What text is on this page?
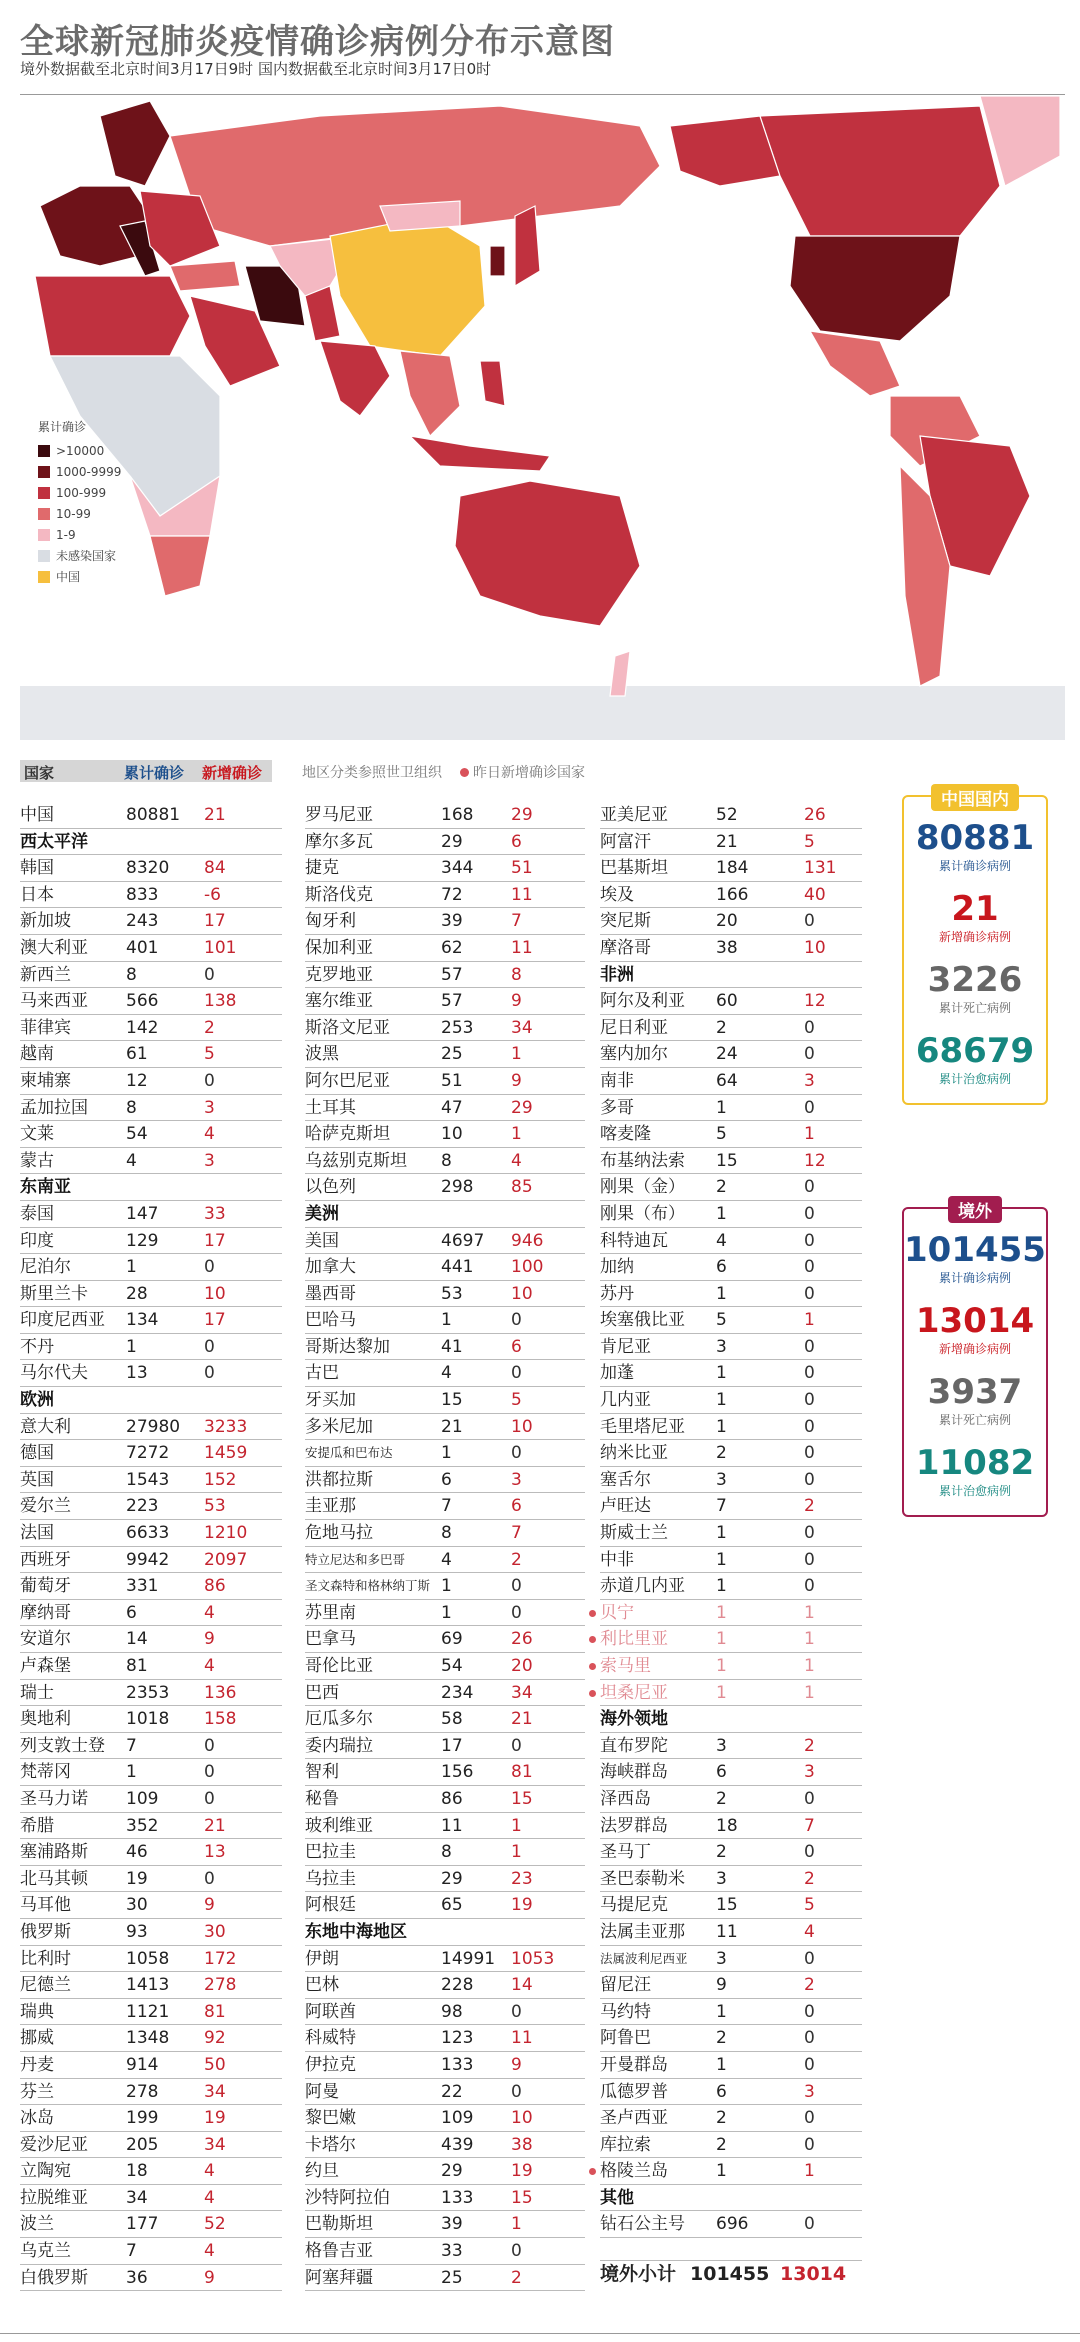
全球新冠肺炎疫情确诊病例分布示意图
境外数据截至北京时间3月17日9时 国内数据截至北京时间3月17日0时
累计确诊
>10000
1000-9999
100-999
10-99
1-9
未感染国家
中国
国家	累计确诊 新增确诊	地区分类参照世卫组织 昨日新增确诊国家
中国	80881 21
西太平洋
韩国	8320 84
日本	833	-6
新加坡	243	17
澳大利亚 401	101
新西兰	8	0
马来西亚 566	138
菲律宾	142	2
越南	61	5
柬埔寨	12	0
孟加拉国 8	3
文莱	54	4
蒙古	4	3
东南亚
泰国	147	33
印度	129	17
尼泊尔	1	0
斯里兰卡 28	10
印度尼西亚 134	17
不丹	1	0
马尔代夫 13	0
欧洲
意大利	27980 3233
德国	7272 1459
英国	1543 152
爱尔兰	223	53
法国	6633 1210
西班牙	9942 2097
葡萄牙	331	86
摩纳哥	6	4
安道尔	14	9
卢森堡	81	4
瑞士	2353 136
奥地利	1018 158
列支敦士登 7	0
梵蒂冈	1	0
圣马力诺 109	0
希腊	352	21
塞浦路斯 46	13
北马其顿 19	0
马耳他	30	9
俄罗斯	93	30
比利时	1058 172
尼德兰	1413 278
瑞典	1121 81
挪威	1348 92
丹麦	914	50
芬兰	278	34
冰岛	199	19
爱沙尼亚 205	34
立陶宛	18	4
拉脱维亚 34	4
波兰	177	52
乌克兰	7	4
白俄罗斯 36	9
罗马尼亚	168 29
摩尔多瓦	29	6
捷克	344 51
斯洛伐克	72	11
匈牙利	39	7
保加利亚	62	11
克罗地亚	57	8
塞尔维亚	57	9
斯洛文尼亚	253 34
波黑	25	1
阿尔巴尼亚	51	9
土耳其	47	29
哈萨克斯坦	10	1
乌兹别克斯坦 8	4
以色列	298 85
美洲
美国	4697 946
加拿大	441 100
墨西哥	53	10
巴哈马	1	0
哥斯达黎加	41	6
古巴	4	0
牙买加	15	5
多米尼加	21	10
安提瓜和巴布达	1	0
洪都拉斯	6	3
圭亚那	7	6
危地马拉	8	7
特立尼达和多巴哥 4	2
圣文森特和格林纳丁斯 1	0
苏里南	1	0
巴拿马	69	26
哥伦比亚	54	20
巴西	234 34
厄瓜多尔	58	21
委内瑞拉	17	0
智利	156 81
秘鲁	86	15
玻利维亚	11	1
巴拉圭	8	1
乌拉圭	29	23
阿根廷	65	19
东地中海地区
伊朗	14991 1053
巴林	228 14
阿联酋	98	0
科威特	123 11
伊拉克	133 9
阿曼	22	0
黎巴嫩	109 10
卡塔尔	439 38
约旦	29	19
沙特阿拉伯	133 15
巴勒斯坦	39	1
格鲁吉亚	33	0
阿塞拜疆	25	2
亚美尼亚	52	26
阿富汗	21	5
巴基斯坦	184	131
埃及	166	40
突尼斯	20	0
摩洛哥	38	10
非洲
阿尔及利亚 60	12
尼日利亚	2	0
塞内加尔	24	0
南非	64	3
多哥	1	0
喀麦隆	5	1
布基纳法索 15	12
刚果（金） 2	0
刚果（布） 1	0
科特迪瓦	4	0
加纳	6	0
苏丹	1	0
埃塞俄比亚 5	1
肯尼亚	3	0
加蓬	1	0
几内亚	1	0
毛里塔尼亚 1	0
纳米比亚	2	0
塞舌尔	3	0
卢旺达	7	2
斯威士兰	1	0
中非	1	0
赤道几内亚 1	0
贝宁	1	1
利比里亚	1	1
索马里	1	1
坦桑尼亚	1	1
海外领地
直布罗陀	3	2
海峡群岛	6	3
泽西岛	2	0
法罗群岛	18	7
圣马丁	2	0
圣巴泰勒米 3	2
马提尼克	15	5
法属圭亚那 11	4
法属波利尼西亚 3	0
留尼汪	9	2
马约特	1	0
阿鲁巴	2	0
开曼群岛	1	0
瓜德罗普	6	3
圣卢西亚	2	0
库拉索	2	0
格陵兰岛	1	1
其他
钻石公主号 696	0
境外小计 101455 13014
中国国内
80881
累计确诊病例
21
新增确诊病例
3226
累计死亡病例
68679
累计治愈病例
境外
101455
累计确诊病例
13014
新增确诊病例
3937
累计死亡病例
11082
累计治愈病例
